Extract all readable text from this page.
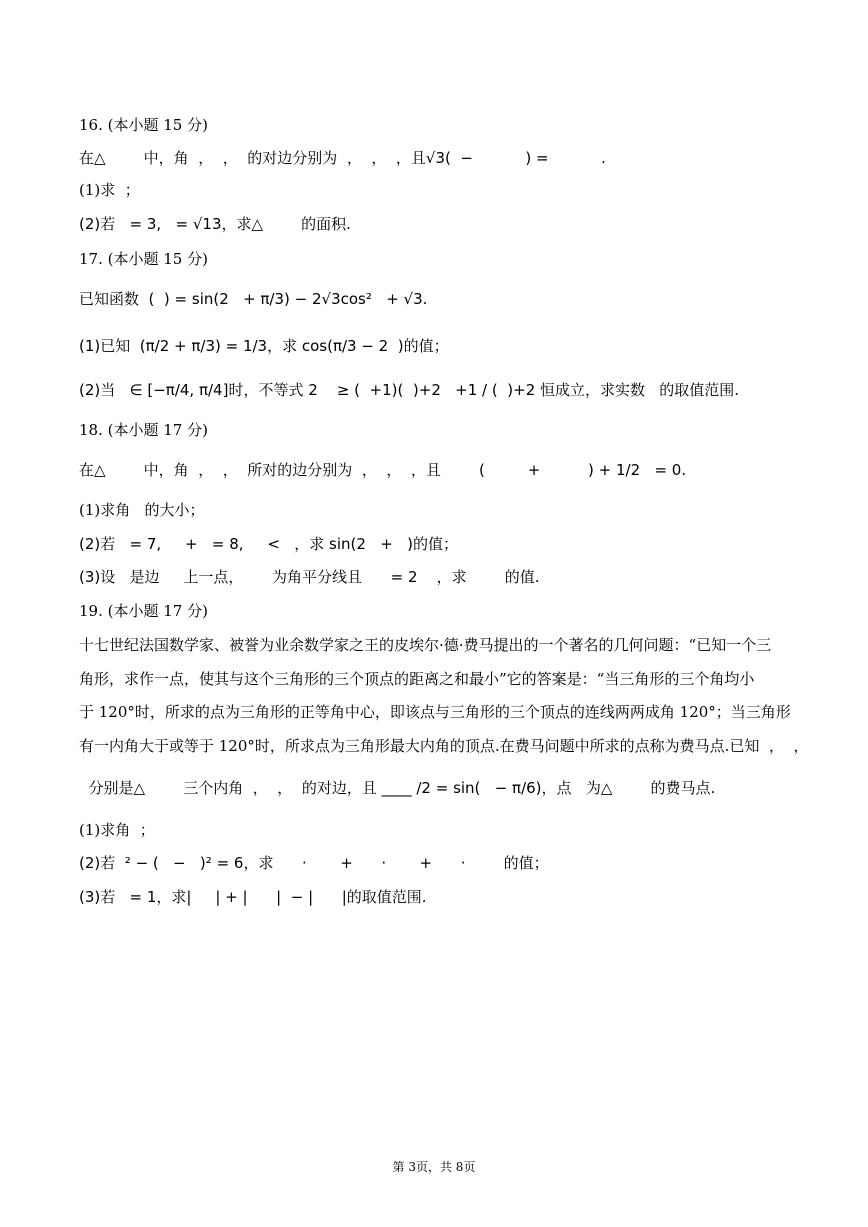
16. (本小题 15 分)
在△        中，角  ，  ，  的对边分别为  ，  ，  ，且√3(  −           ) =           .
(1)求  ；
(2)若   = 3,   = √13，求△        的面积.
17. (本小题 15 分)
已知函数  (  ) = sin(2   + π/3) − 2√3cos²   + √3.
(1)已知  (π/2 + π/3) = 1/3，求 cos(π/3 − 2  )的值；
(2)当   ∈ [−π/4, π/4]时，不等式 2    ≥ (  +1)(  )+2   +1 / (  )+2 恒成立，求实数   的取值范围.
18. (本小题 17 分)
在△        中，角  ，  ，  所对的边分别为  ，  ，  ，且        (         +          ) + 1/2   = 0.
(1)求角   的大小；
(2)若   = 7,     +   = 8,     <   ，求 sin(2   +   )的值；
(3)设   是边     上一点，      为角平分线且      = 2    ，求        的值.
19. (本小题 17 分)
十七世纪法国数学家、被誉为业余数学家之王的皮埃尔·德·费马提出的一个著名的几何问题：“已知一个三
角形，求作一点，使其与这个三角形的三个顶点的距离之和最小”它的答案是：“当三角形的三个角均小
于 120°时，所求的点为三角形的正等角中心，即该点与三角形的三个顶点的连线两两成角 120°；当三角形
有一内角大于或等于 120°时，所求点为三角形最大内角的顶点.在费马问题中所求的点称为费马点.已知  ，  ，
分别是△        三个内角  ，  ，  的对边，且 ____ /2 = sin(   − π/6)，点   为△        的费马点.
(1)求角  ；
(2)若  ² − (   −   )² = 6，求      ·       +      ·       +      ·        的值；
(3)若   = 1，求|     | + |      |  − |      |的取值范围.
第 3页，共 8页
